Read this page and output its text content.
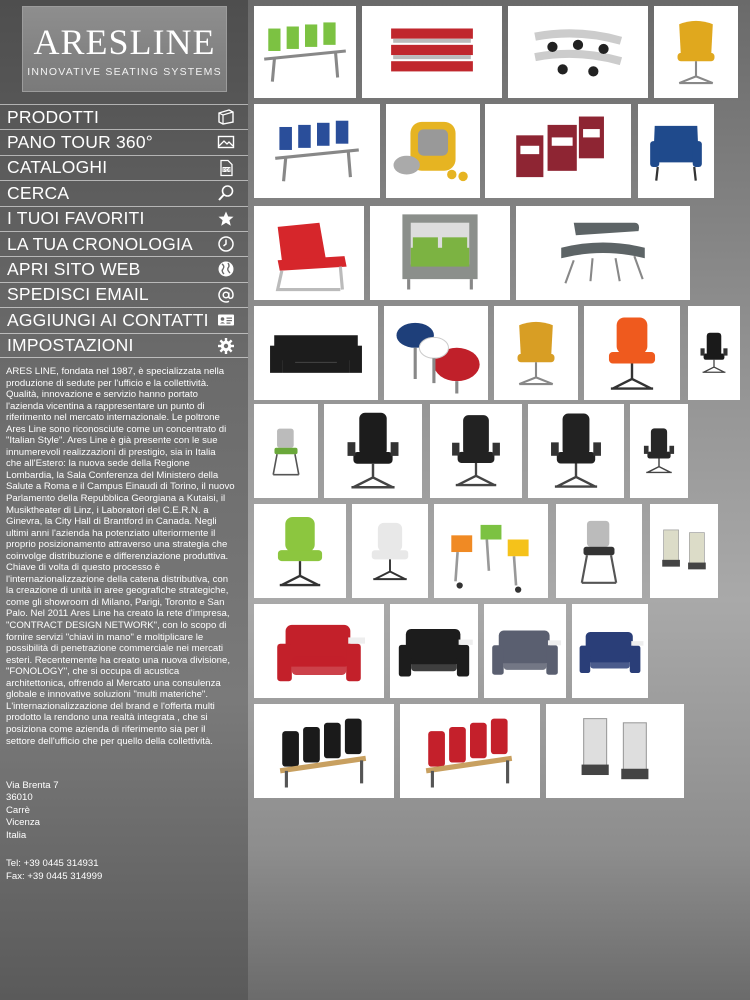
ARESLINE
INNOVATIVE SEATING SYSTEMS
PRODOTTI
PANO TOUR 360°
CATALOGHI	PDF
CERCA
I TUOI FAVORITI
LA TUA CRONOLOGIA
APRI SITO WEB
SPEDISCI EMAIL
AGGIUNGI AI CONTATTI
IMPOSTAZIONI
ARES LINE, fondata nel 1987, è specializzata nella
produzione di sedute per l'ufficio e la collettività.
Qualità, innovazione e servizio hanno portato
l'azienda vicentina a rappresentare un punto di
riferimento nel mercato internazionale. Le poltrone
Ares Line sono riconosciute come un concentrato di
"Italian Style". Ares Line è già presente con le sue
innumerevoli realizzazioni di prestigio, sia in Italia
che all'Estero: la nuova sede della Regione
Lombardia, la Sala Conferenza del Ministero della
Salute a Roma e il Campus Einaudi di Torino, il nuovo
Parlamento della Repubblica Georgiana a Kutaisi, il
Musiktheater di Linz, i Laboratori del C.E.R.N. a
Ginevra, la City Hall di Brantford in Canada. Negli
ultimi anni l'azienda ha potenziato ulteriormente il
proprio posizionamento attraverso una strategia che
coinvolge distribuzione e differenziazione produttiva.
Chiave di volta di questo processo è
l'internazionalizzazione della catena distributiva, con
la creazione di unità in aree geografiche strategiche,
come gli showroom di Milano, Parigi, Toronto e San
Palo. Nel 2011 Ares Line ha creato la rete d'impresa,
"CONTRACT DESIGN NETWORK", con lo scopo di
fornire servizi "chiavi in mano" e moltiplicare le
possibilità di penetrazione commerciale nei mercati
esteri. Recentemente ha creato una nuova divisione,
"FONOLOGY", che si occupa di acustica
architettonica, offrendo al Mercato una consulenza
globale e innovative soluzioni "multi materiche".
L'internazionalizzazione del brand e l'offerta multi
prodotto la rendono una realtà integrata , che si
posiziona come azienda di riferimento sia per il
settore dell'ufficio che per quello della collettività.
Via Brenta 7
36010
Carrè
Vicenza
Italia
Tel: +39 0445 314931
Fax: +39 0445 314999
